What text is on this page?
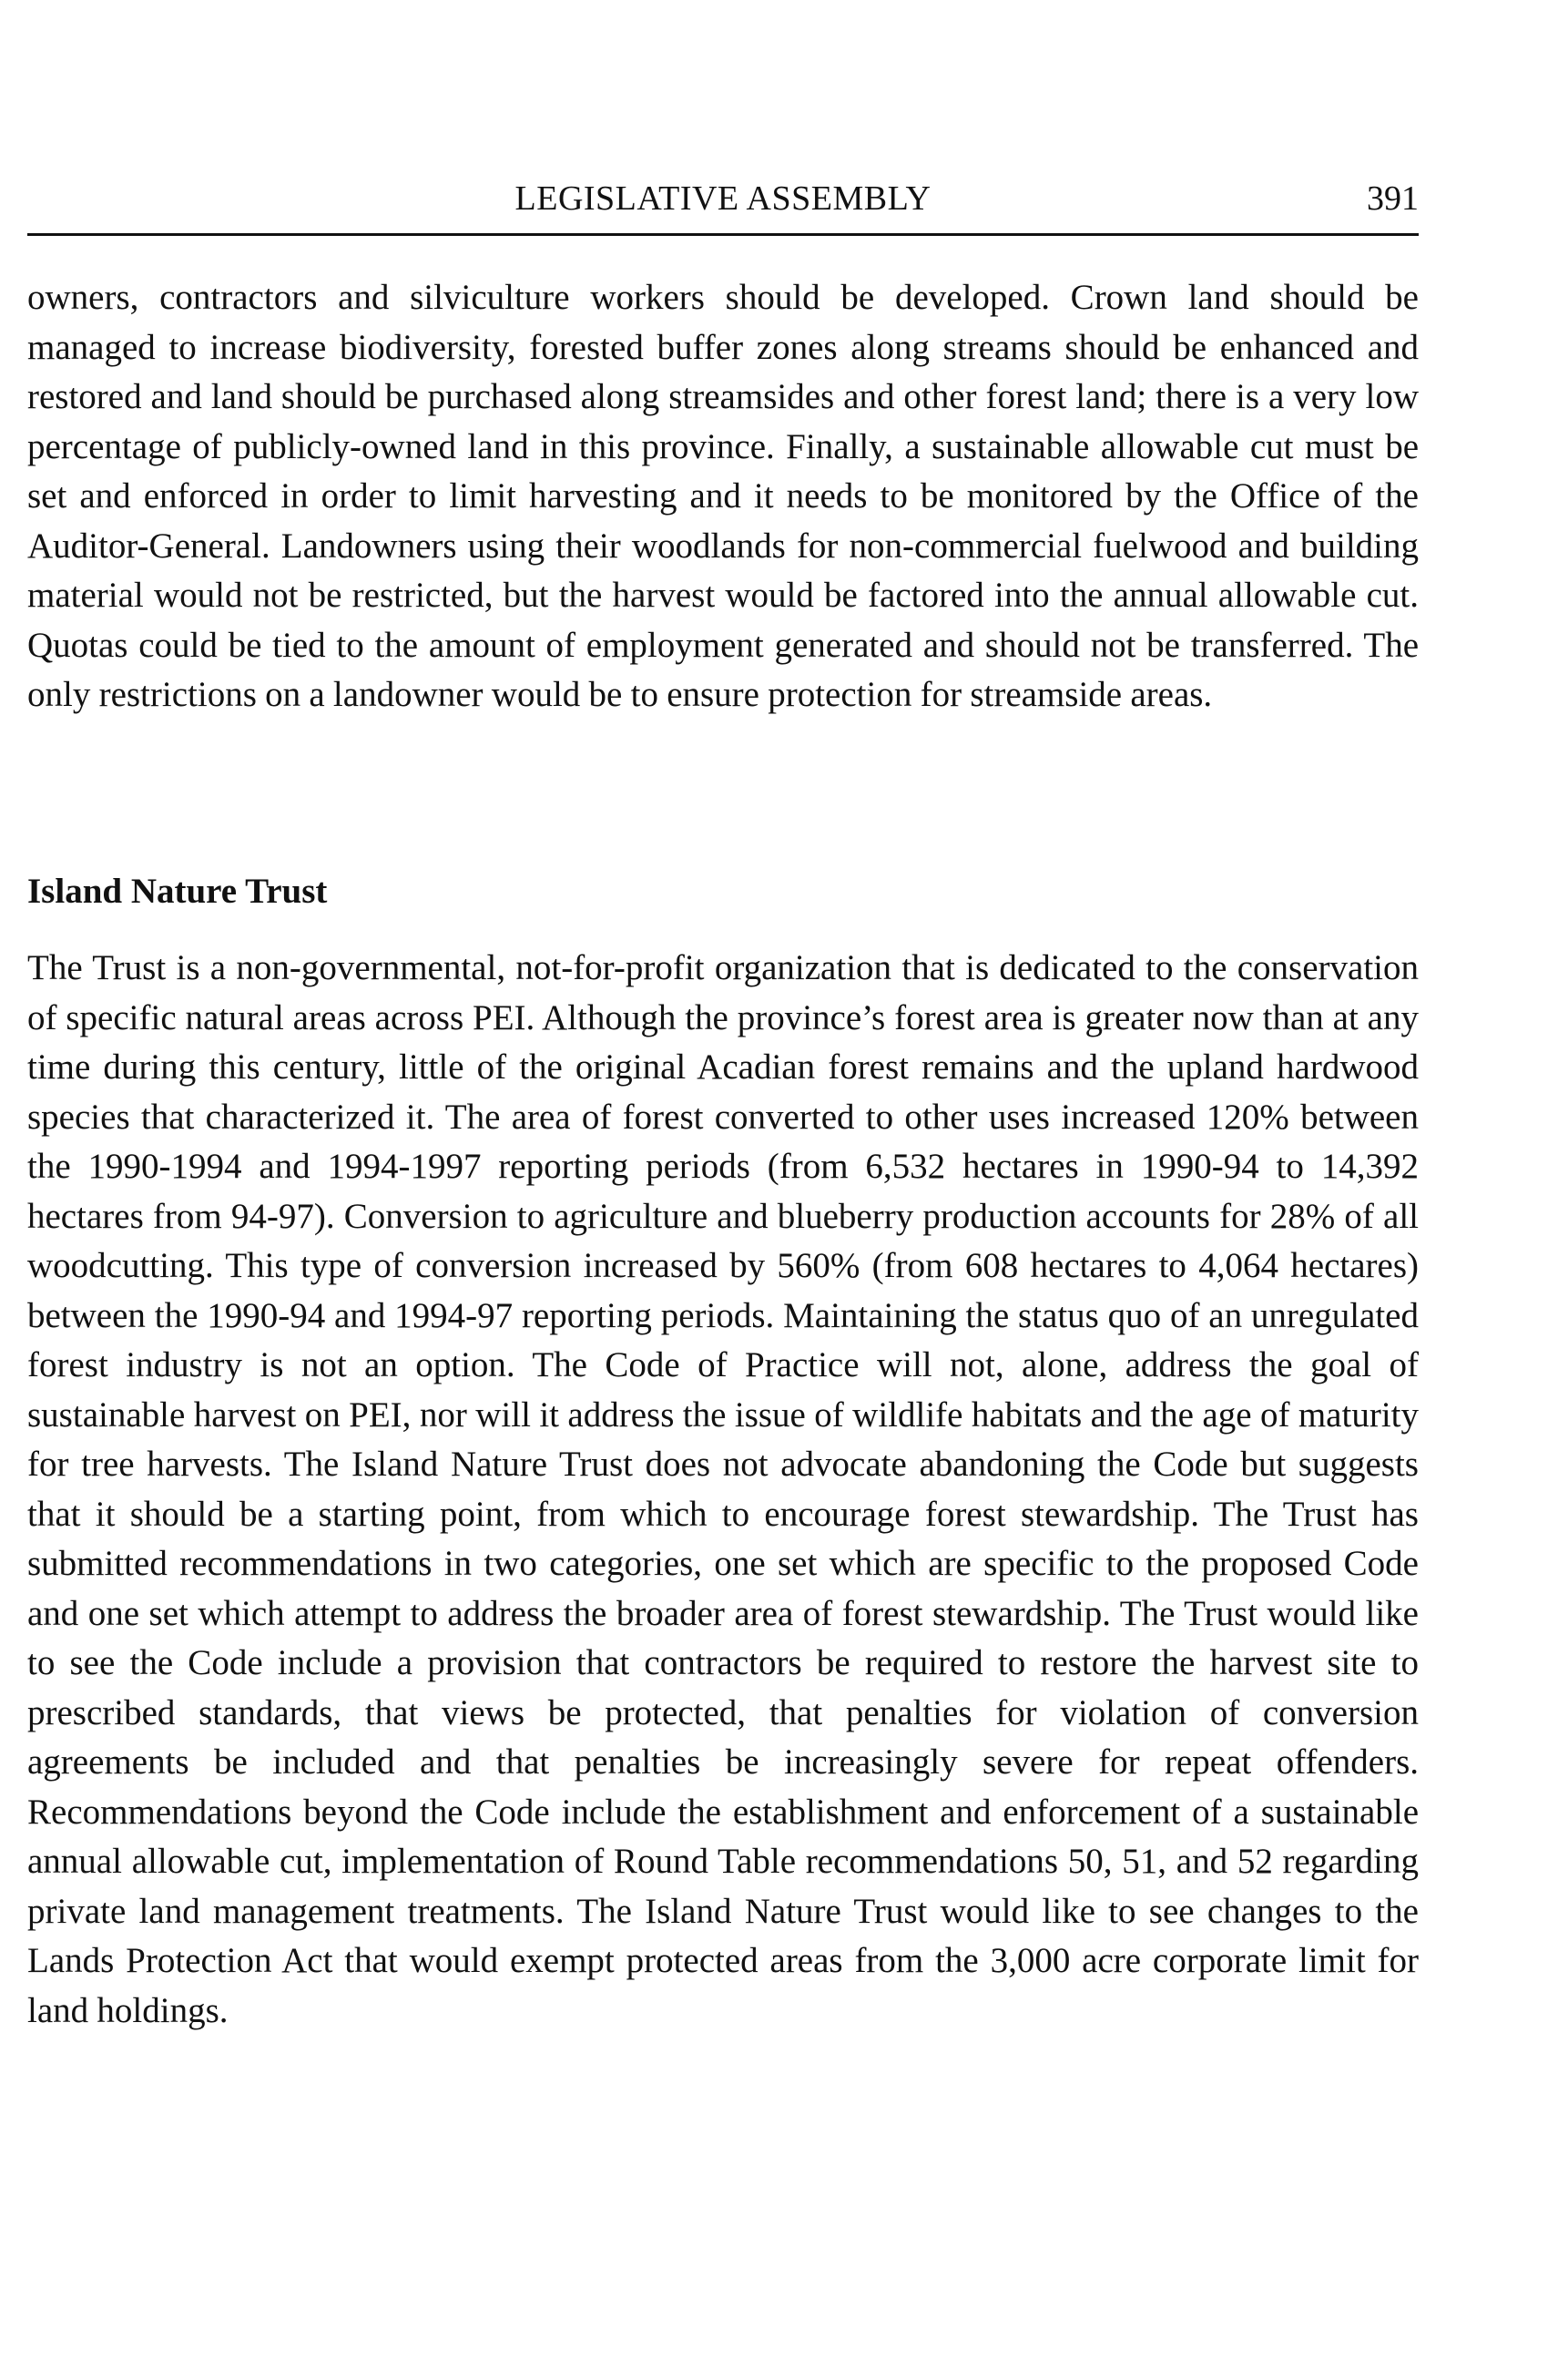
LEGISLATIVE ASSEMBLY	391

owners, contractors and silviculture workers should be developed. Crown land should be managed to increase biodiversity, forested buffer zones along streams should be enhanced and restored and land should be purchased along streamsides and other forest land; there is a very low percentage of publicly-owned land in this province. Finally, a sustainable allowable cut must be set and enforced in order to limit harvesting and it needs to be monitored by the Office of the Auditor-General. Landowners using their woodlands for non-commercial fuelwood and building material would not be restricted, but the harvest would be factored into the annual allowable cut. Quotas could be tied to the amount of employment generated and should not be transferred. The only restrictions on a landowner would be to ensure protection for streamside areas.

Island Nature Trust

The Trust is a non-governmental, not-for-profit organization that is dedicated to the conservation of specific natural areas across PEI. Although the province’s forest area is greater now than at any time during this century, little of the original Acadian forest remains and the upland hardwood species that characterized it. The area of forest converted to other uses increased 120% between the 1990-1994 and 1994-1997 reporting periods (from 6,532 hectares in 1990-94 to 14,392 hectares from 94-97). Conversion to agriculture and blueberry production accounts for 28% of all woodcutting. This type of conversion increased by 560% (from 608 hectares to 4,064 hectares) between the 1990-94 and 1994-97 reporting periods. Maintaining the status quo of an unregulated forest industry is not an option. The Code of Practice will not, alone, address the goal of sustainable harvest on PEI, nor will it address the issue of wildlife habitats and the age of maturity for tree harvests. The Island Nature Trust does not advocate abandoning the Code but suggests that it should be a starting point, from which to encourage forest stewardship. The Trust has submitted recommendations in two categories, one set which are specific to the proposed Code and one set which attempt to address the broader area of forest stewardship. The Trust would like to see the Code include a provision that contractors be required to restore the harvest site to prescribed standards, that views be protected, that penalties for violation of conversion agreements be included and that penalties be increasingly severe for repeat offenders. Recommendations beyond the Code include the establishment and enforcement of a sustainable annual allowable cut, implementation of Round Table recommendations 50, 51, and 52 regarding private land management treatments. The Island Nature Trust would like to see changes to the Lands Protection Act that would exempt protected areas from the 3,000 acre corporate limit for land holdings.
